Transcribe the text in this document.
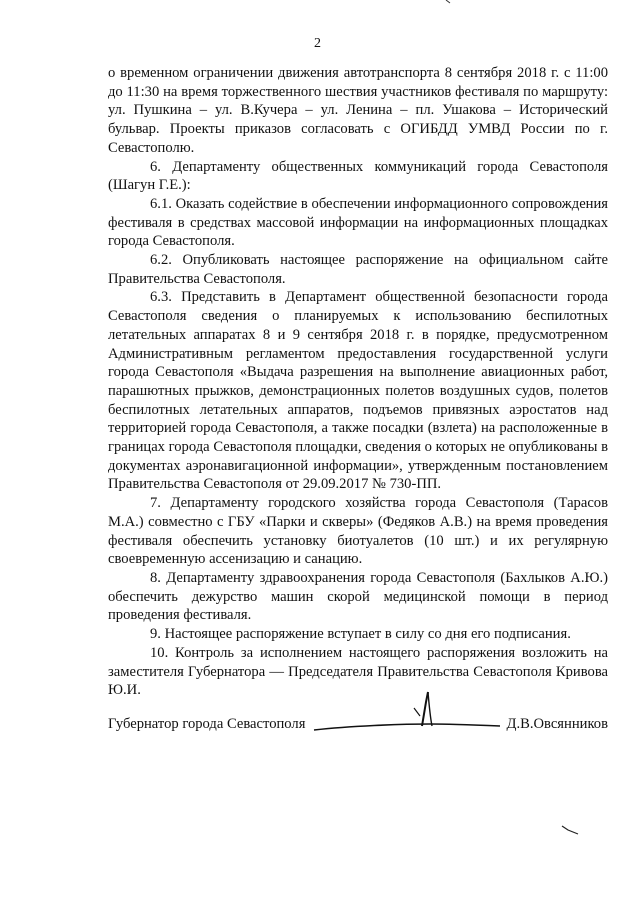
2

о временном ограничении движения автотранспорта 8 сентября 2018 г. с 11:00 до 11:30 на время торжественного шествия участников фестиваля по маршруту: ул. Пушкина – ул. В.Кучера – ул. Ленина – пл. Ушакова – Исторический бульвар. Проекты приказов согласовать с ОГИБДД УМВД России по г. Севастополю.

6. Департаменту общественных коммуникаций города Севастополя (Шагун Г.Е.):

6.1. Оказать содействие в обеспечении информационного сопровождения фестиваля в средствах массовой информации на информационных площадках города Севастополя.

6.2. Опубликовать настоящее распоряжение на официальном сайте Правительства Севастополя.

6.3. Представить в Департамент общественной безопасности города Севастополя сведения о планируемых к использованию беспилотных летательных аппаратах 8 и 9 сентября 2018 г. в порядке, предусмотренном Административным регламентом предоставления государственной услуги города Севастополя «Выдача разрешения на выполнение авиационных работ, парашютных прыжков, демонстрационных полетов воздушных судов, полетов беспилотных летательных аппаратов, подъемов привязных аэростатов над территорией города Севастополя, а также посадки (взлета) на расположенные в границах города Севастополя площадки, сведения о которых не опубликованы в документах аэронавигационной информации», утвержденным постановлением Правительства Севастополя от 29.09.2017 № 730-ПП.

7. Департаменту городского хозяйства города Севастополя (Тарасов М.А.) совместно с ГБУ «Парки и скверы» (Федяков А.В.) на время проведения фестиваля обеспечить установку биотуалетов (10 шт.) и их регулярную своевременную ассенизацию и санацию.

8. Департаменту здравоохранения города Севастополя (Бахлыков А.Ю.) обеспечить дежурство машин скорой медицинской помощи в период проведения фестиваля.

9. Настоящее распоряжение вступает в силу со дня его подписания.

10. Контроль за исполнением настоящего распоряжения возложить на заместителя Губернатора — Председателя Правительства Севастополя Кривова Ю.И.

Губернатор города Севастополя	Д.В.Овсянников
